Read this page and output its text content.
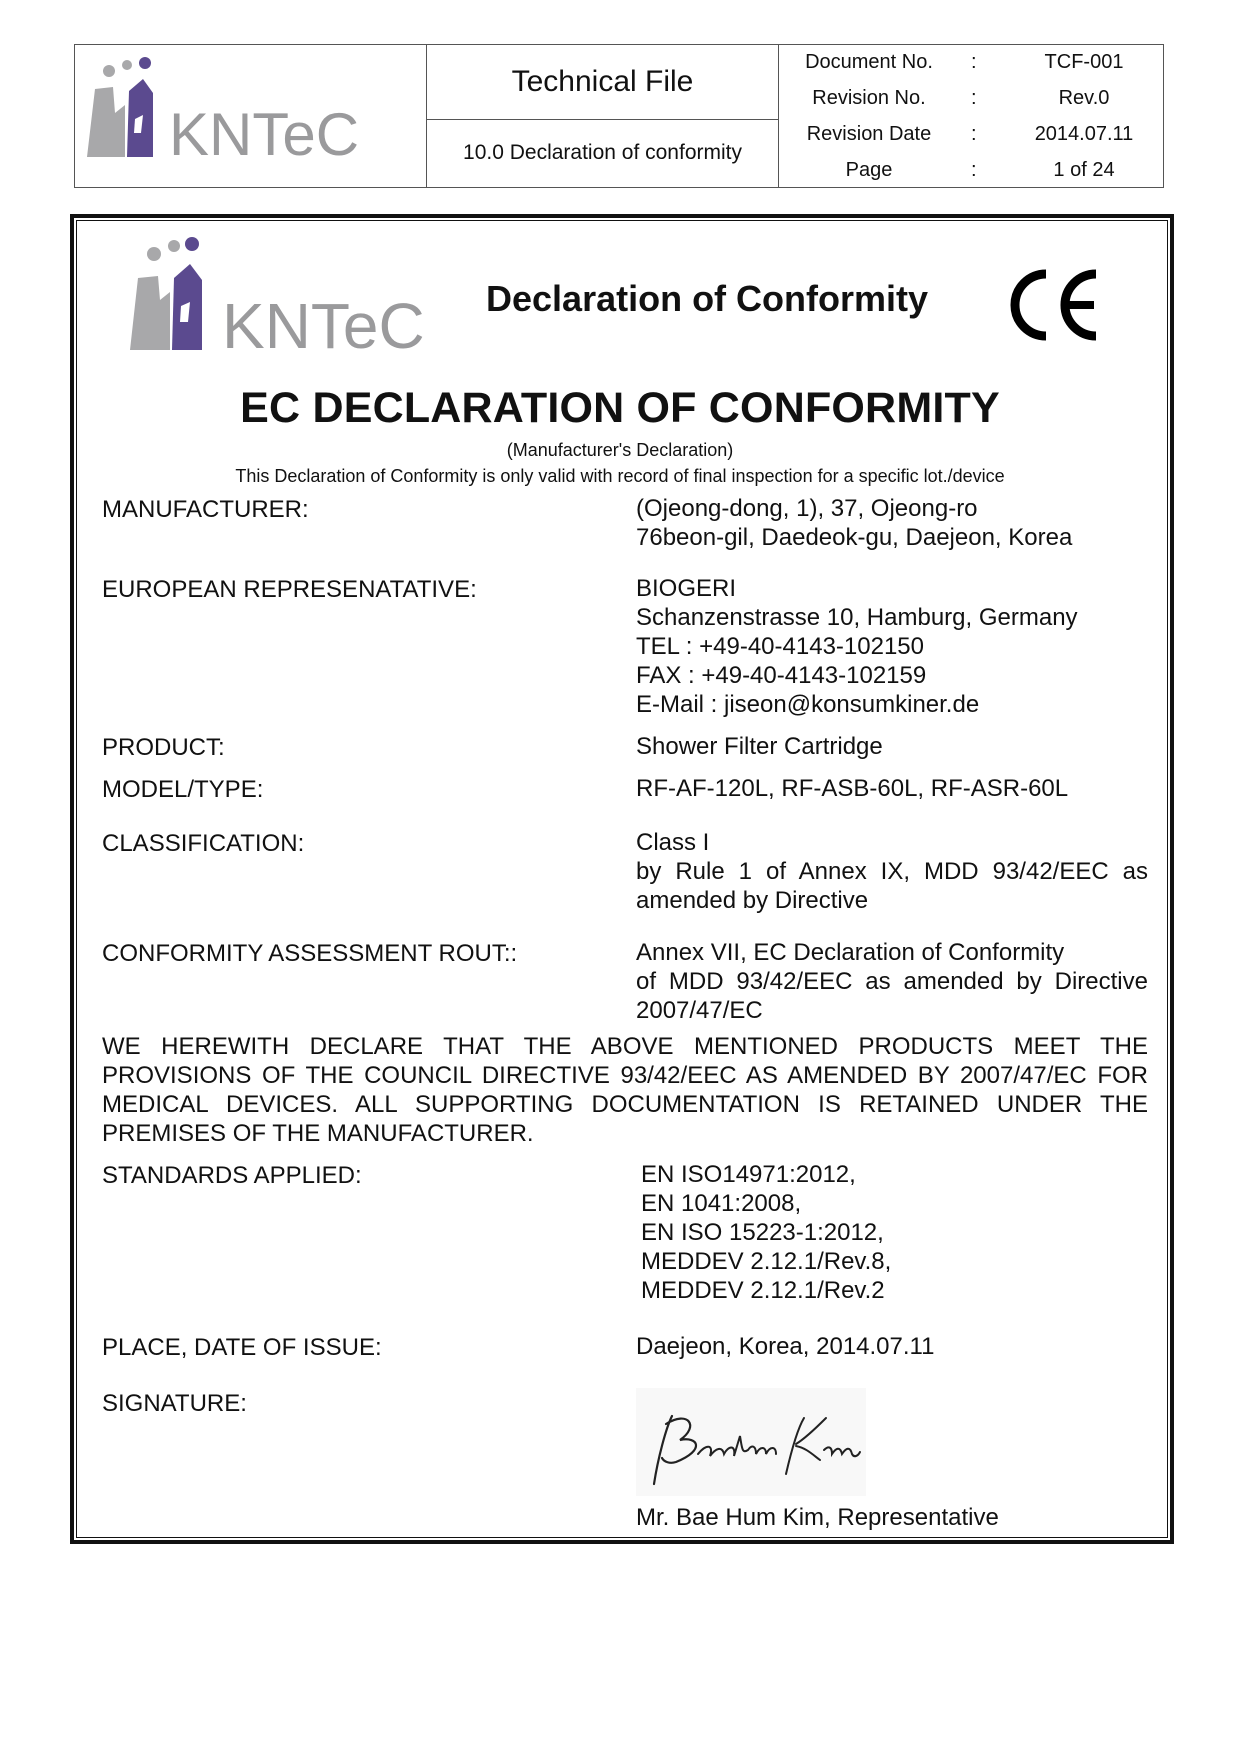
KNTeC
Technical File
10.0 Declaration of conformity
Document No.	:	TCF-001
Revision No.	:	Rev.0
Revision Date	:	2014.07.11
Page	:	1 of 24
KNTeC Declaration of Conformity
CE
EC DECLARATION OF CONFORMITY
(Manufacturer's Declaration)
This Declaration of Conformity is only valid with record of final inspection for a specific lot./device
MANUFACTURER:	(Ojeong-dong, 1), 37, Ojeong-ro
76beon-gil, Daedeok-gu, Daejeon, Korea
EUROPEAN REPRESENATATIVE:	BIOGERI
Schanzenstrasse 10, Hamburg, Germany
TEL : +49-40-4143-102150
FAX : +49-40-4143-102159
E-Mail : jiseon@konsumkiner.de
PRODUCT:	Shower Filter Cartridge
MODEL/TYPE:	RF-AF-120L, RF-ASB-60L, RF-ASR-60L
CLASSIFICATION:	Class I
by Rule 1 of Annex IX, MDD 93/42/EEC as
amended by Directive
CONFORMITY ASSESSMENT ROUT::	Annex VII, EC Declaration of Conformity
of MDD 93/42/EEC as amended by Directive
2007/47/EC
WE HEREWITH DECLARE THAT THE ABOVE MENTIONED PRODUCTS MEET THE PROVISIONS OF THE COUNCIL DIRECTIVE 93/42/EEC AS AMENDED BY 2007/47/EC FOR MEDICAL DEVICES. ALL SUPPORTING DOCUMENTATION IS RETAINED UNDER THE PREMISES OF THE MANUFACTURER.
STANDARDS APPLIED:	EN ISO14971:2012,
EN 1041:2008,
EN ISO 15223-1:2012,
MEDDEV 2.12.1/Rev.8,
MEDDEV 2.12.1/Rev.2
PLACE, DATE OF ISSUE:	Daejeon, Korea, 2014.07.11
SIGNATURE:
Baehum Kim
Mr. Bae Hum Kim, Representative
